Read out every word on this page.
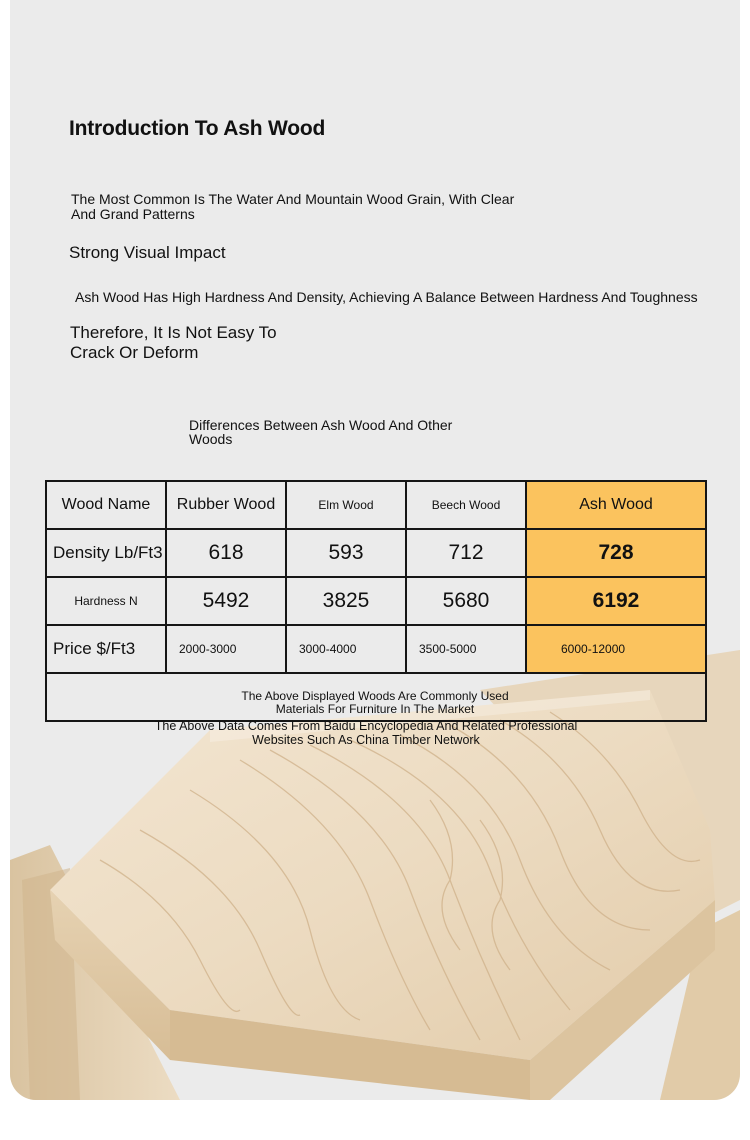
Introduction To Ash Wood

The Most Common Is The Water And Mountain Wood Grain, With Clear And Grand Patterns

Strong Visual Impact

Ash Wood Has High Hardness And Density, Achieving A Balance Between Hardness And Toughness

Therefore, It Is Not Easy To Crack Or Deform

Differences Between Ash Wood And Other Woods

Wood Name	Rubber Wood	Elm Wood	Beech Wood	Ash Wood
Density Lb/Ft3	618	593	712	728
Hardness N	5492	3825	5680	6192
Price $/Ft3	2000-3000	3000-4000	3500-5000	6000-12000

The Above Displayed Woods Are Commonly Used Materials For Furniture In The Market
The Above Data Comes From Baidu Encyclopedia And Related Professional Websites Such As China Timber Network				
